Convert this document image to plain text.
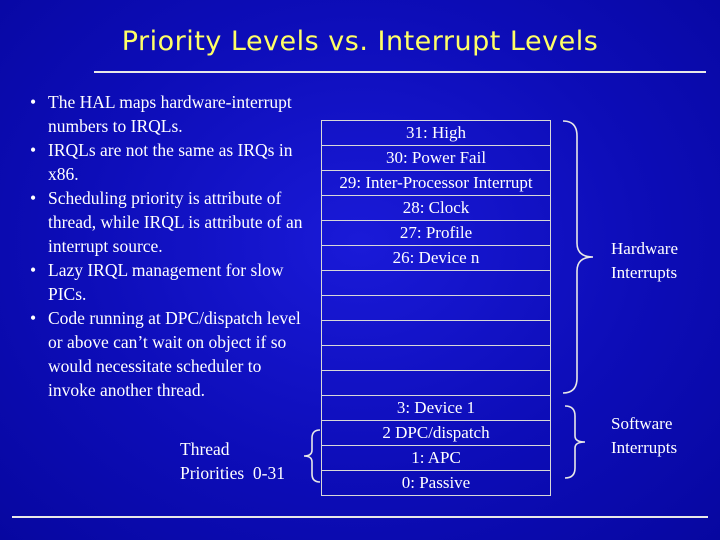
Priority Levels vs. Interrupt Levels
• The HAL maps hardware-interrupt numbers to IRQLs.
• IRQLs are not the same as IRQs in x86.
• Scheduling priority is attribute of thread, while IRQL is attribute of an interrupt source.
• Lazy IRQL management for slow PICs.
• Code running at DPC/dispatch level or above can’t wait on object if so would necessitate scheduler to invoke another thread.
Thread
Priorities  0-31
31: High
30: Power Fail
29: Inter-Processor Interrupt
28: Clock
27: Profile
26: Device n

3: Device 1
2 DPC/dispatch
1: APC
0: Passive
Hardware
Interrupts
Software
Interrupts
